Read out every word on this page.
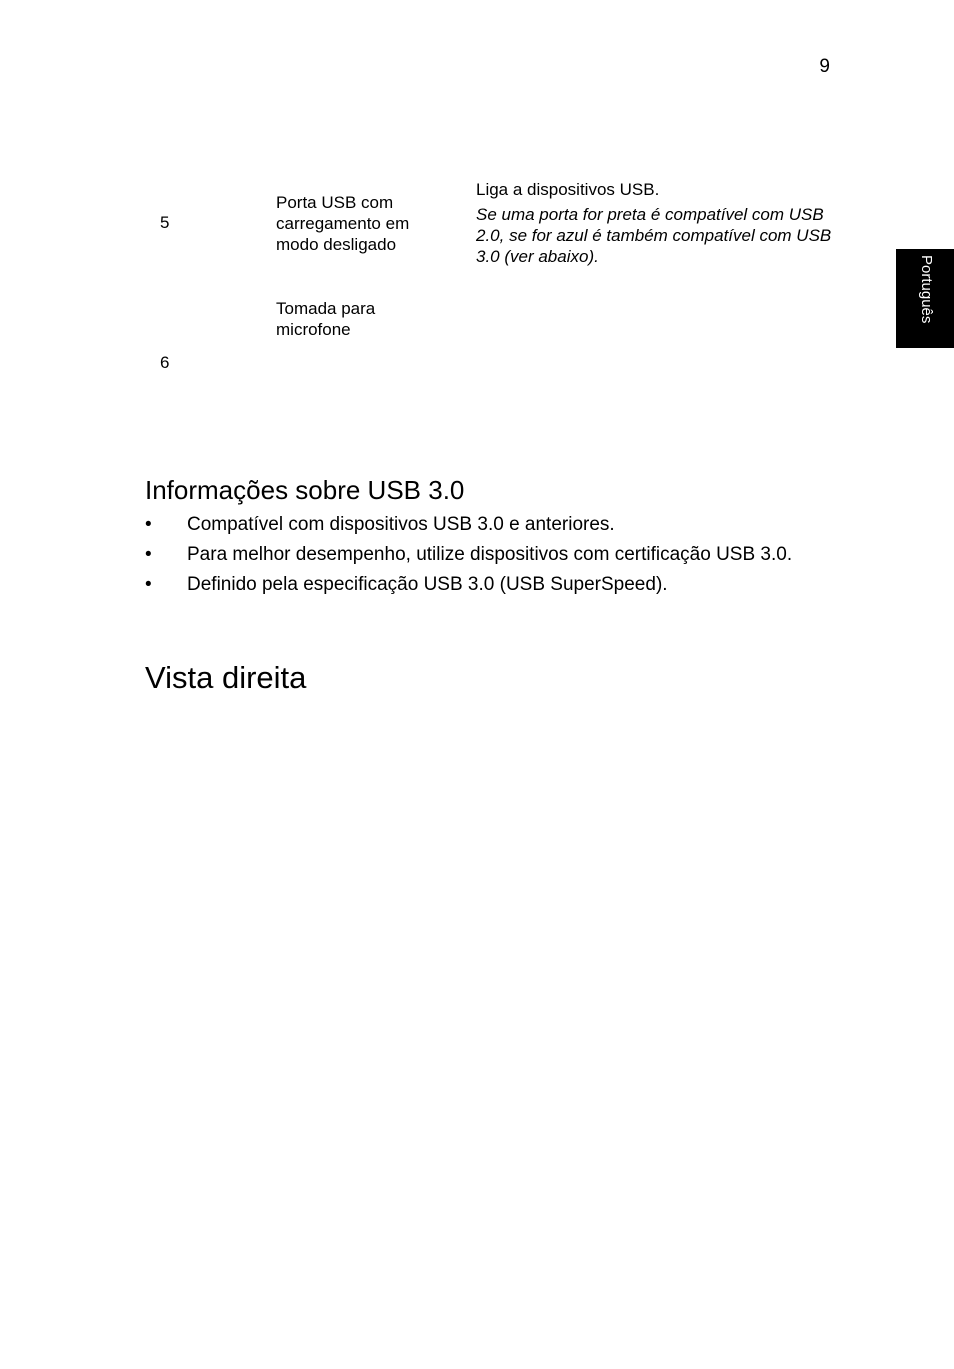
9
Português
5
Porta USB com carregamento em modo desligado
Liga a dispositivos USB.
Se uma porta for preta é compatível com USB 2.0, se for azul é também compatível com USB 3.0 (ver abaixo).
6
Tomada para microfone
Informações sobre USB 3.0
• Compatível com dispositivos USB 3.0 e anteriores.
• Para melhor desempenho, utilize dispositivos com certificação USB 3.0.
• Definido pela especificação USB 3.0 (USB SuperSpeed).
Vista direita
